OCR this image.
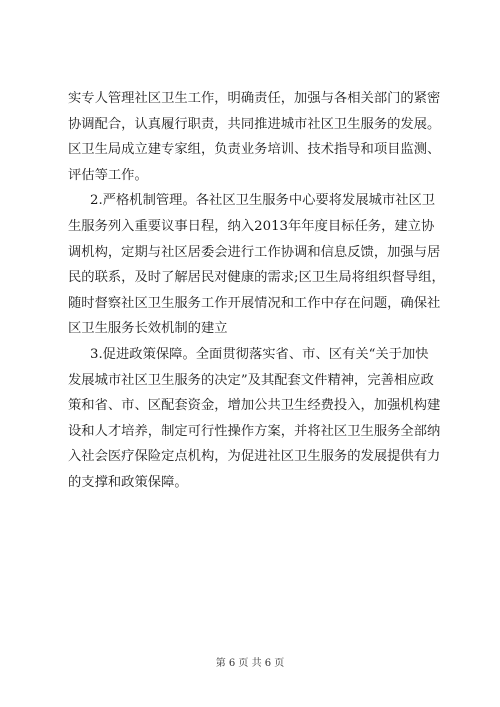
实专人管理社区卫生工作，明确责任，加强与各相关部门的紧密
协调配合，认真履行职责，共同推进城市社区卫生服务的发展。
区卫生局成立建专家组，负责业务培训、技术指导和项目监测、
评估等工作。

2.严格机制管理。各社区卫生服务中心要将发展城市社区卫
生服务列入重要议事日程，纳入2013年年度目标任务，建立协
调机构，定期与社区居委会进行工作协调和信息反馈，加强与居
民的联系，及时了解居民对健康的需求;区卫生局将组织督导组，
随时督察社区卫生服务工作开展情况和工作中存在问题，确保社
区卫生服务长效机制的建立

3.促进政策保障。全面贯彻落实省、市、区有关“关于加快
发展城市社区卫生服务的决定”及其配套文件精神，完善相应政
策和省、市、区配套资金，增加公共卫生经费投入，加强机构建
设和人才培养，制定可行性操作方案，并将社区卫生服务全部纳
入社会医疗保险定点机构，为促进社区卫生服务的发展提供有力
的支撑和政策保障。

第 6 页 共 6 页
